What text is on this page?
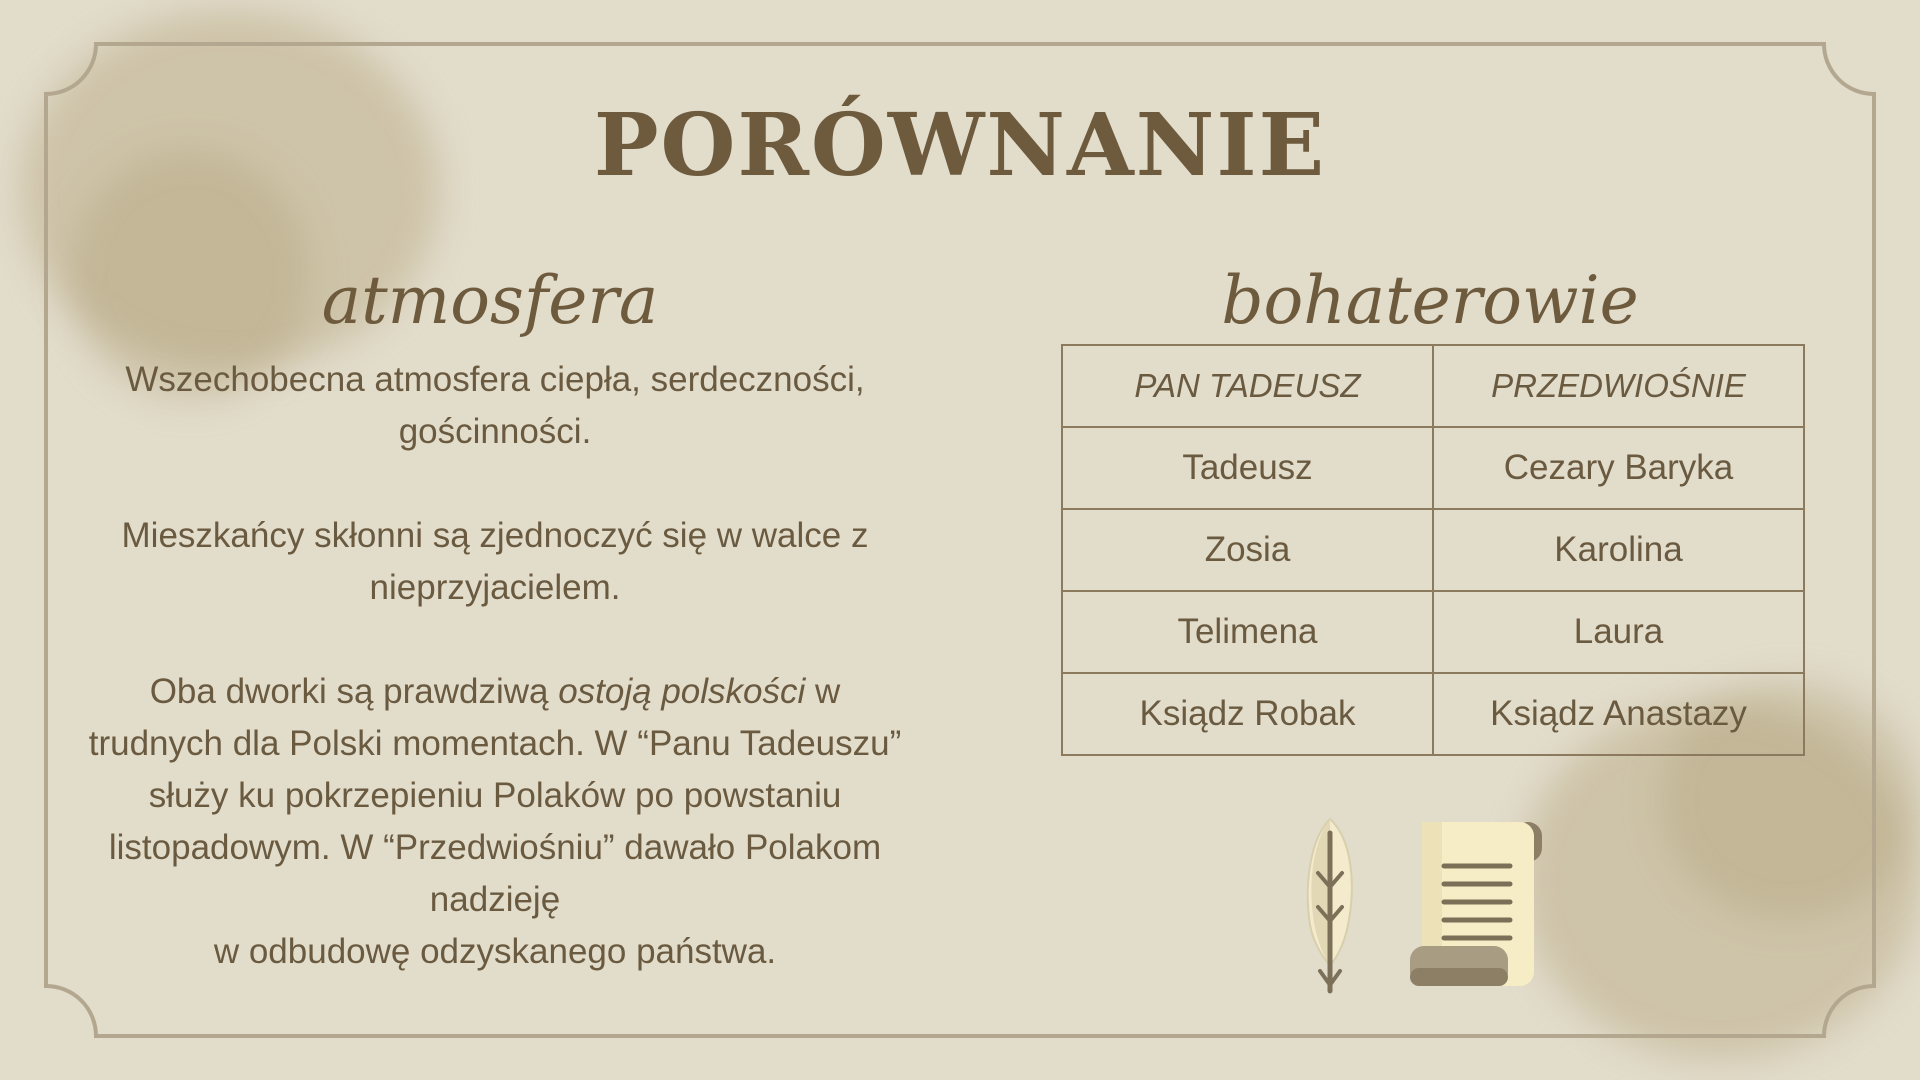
PORÓWNANIE
atmosfera

Wszechobecna atmosfera ciepła, serdeczności, gościnności.

Mieszkańcy skłonni są zjednoczyć się w walce z nieprzyjacielem.

Oba dworki są prawdziwą ostoją polskości w trudnych dla Polski momentach. W “Panu Tadeuszu” służy ku pokrzepieniu Polaków po powstaniu listopadowym. W “Przedwiośniu” dawało Polakom nadzieję
w odbudowę odzyskanego państwa.

bohaterowie
PAN TADEUSZ	PRZEDWIOŚNIE
Tadeusz	Cezary Baryka
Zosia	Karolina
Telimena	Laura
Ksiądz Robak	Ksiądz Anastazy
